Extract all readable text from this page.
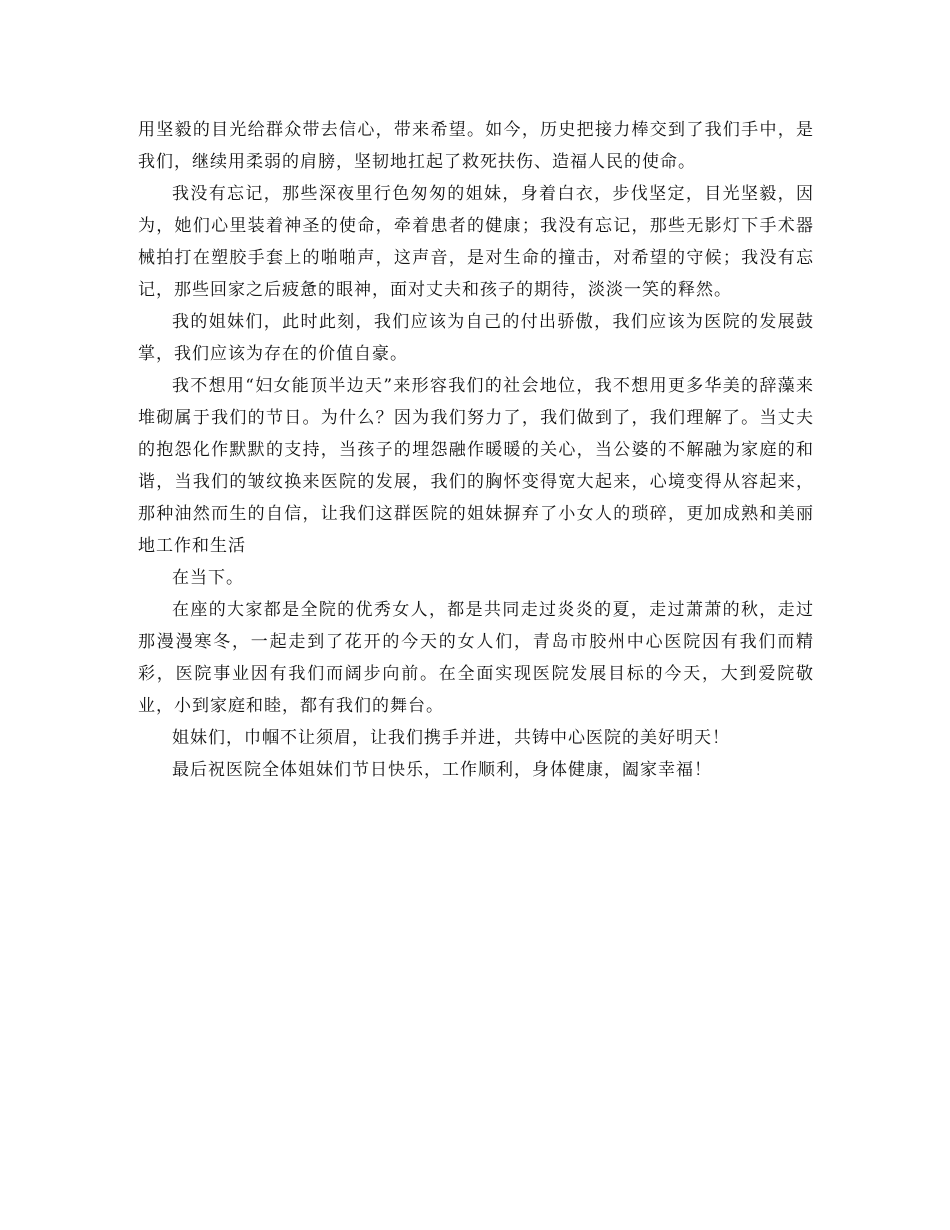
用坚毅的目光给群众带去信心，带来希望。如今，历史把接力棒交到了我们手中，是我们，继续用柔弱的肩膀，坚韧地扛起了救死扶伤、造福人民的使命。

我没有忘记，那些深夜里行色匆匆的姐妹，身着白衣，步伐坚定，目光坚毅，因为，她们心里装着神圣的使命，牵着患者的健康；我没有忘记，那些无影灯下手术器械拍打在塑胶手套上的啪啪声，这声音，是对生命的撞击，对希望的守候；我没有忘记，那些回家之后疲惫的眼神，面对丈夫和孩子的期待，淡淡一笑的释然。

我的姐妹们，此时此刻，我们应该为自己的付出骄傲，我们应该为医院的发展鼓掌，我们应该为存在的价值自豪。

我不想用“妇女能顶半边天”来形容我们的社会地位，我不想用更多华美的辞藻来堆砌属于我们的节日。为什么？因为我们努力了，我们做到了，我们理解了。当丈夫的抱怨化作默默的支持，当孩子的埋怨融作暖暖的关心，当公婆的不解融为家庭的和谐，当我们的皱纹换来医院的发展，我们的胸怀变得宽大起来，心境变得从容起来，那种油然而生的自信，让我们这群医院的姐妹摒弃了小女人的琐碎，更加成熟和美丽地工作和生活

在当下。

在座的大家都是全院的优秀女人，都是共同走过炎炎的夏，走过萧萧的秋，走过那漫漫寒冬，一起走到了花开的今天的女人们，青岛市胶州中心医院因有我们而精彩，医院事业因有我们而阔步向前。在全面实现医院发展目标的今天，大到爱院敬业，小到家庭和睦，都有我们的舞台。

姐妹们，巾帼不让须眉，让我们携手并进，共铸中心医院的美好明天！

最后祝医院全体姐妹们节日快乐，工作顺利，身体健康，阖家幸福！
